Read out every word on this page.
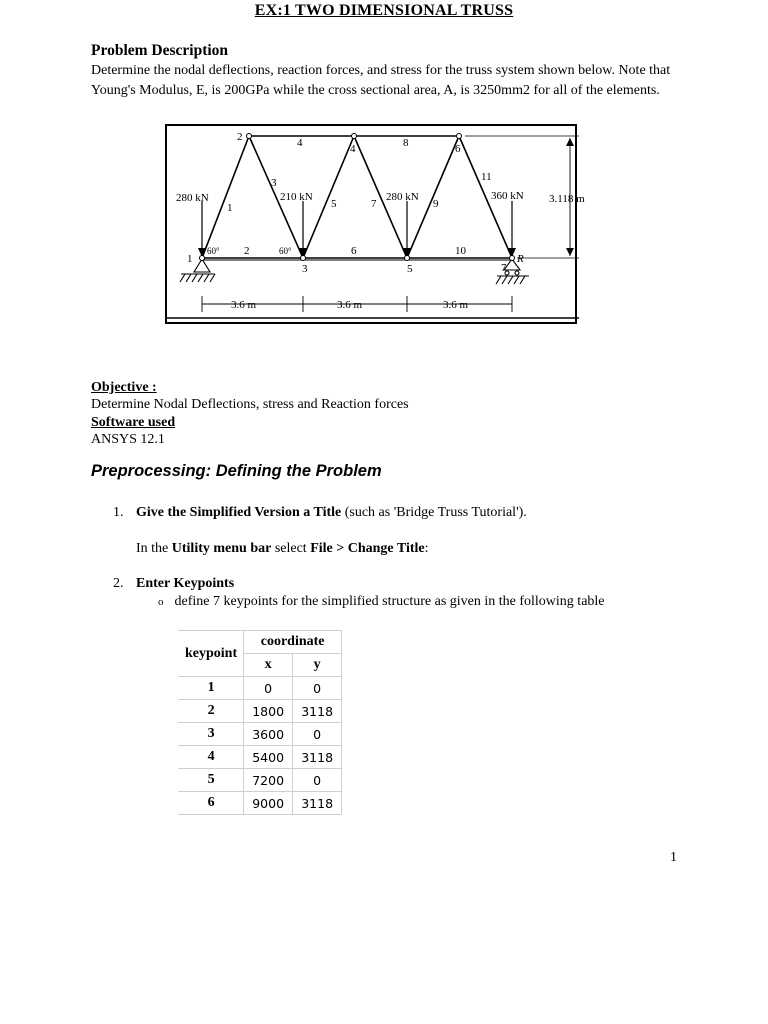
EX:1 TWO DIMENSIONAL TRUSS
Problem Description
Determine the nodal deflections, reaction forces, and stress for the truss system shown below. Note that Young's Modulus, E, is 200GPa while the cross sectional area, A, is 3250mm2 for all of the elements.
280 kN	210 kN	280 kN	360 kN 3.118 m
3.6 m	3.6 m	3.6 m
60°	60°
R
1
2
3
4
5
6
7
1
2
3
4
5
6
7
8
9
10
11
Objective :
Determine Nodal Deflections, stress and Reaction forces
Software used
ANSYS 12.1
Preprocessing: Defining the Problem
1. Give the Simplified Version a Title (such as 'Bridge Truss Tutorial').
In the Utility menu bar select File > Change Title:
2. Enter Keypoints
o define 7 keypoints for the simplified structure as given in the following table
keypoint	coordinate	
	x	y
1	0	0
2	1800	3118
3	3600	0
4	5400	3118
5	7200	0
6	9000	3118
1
